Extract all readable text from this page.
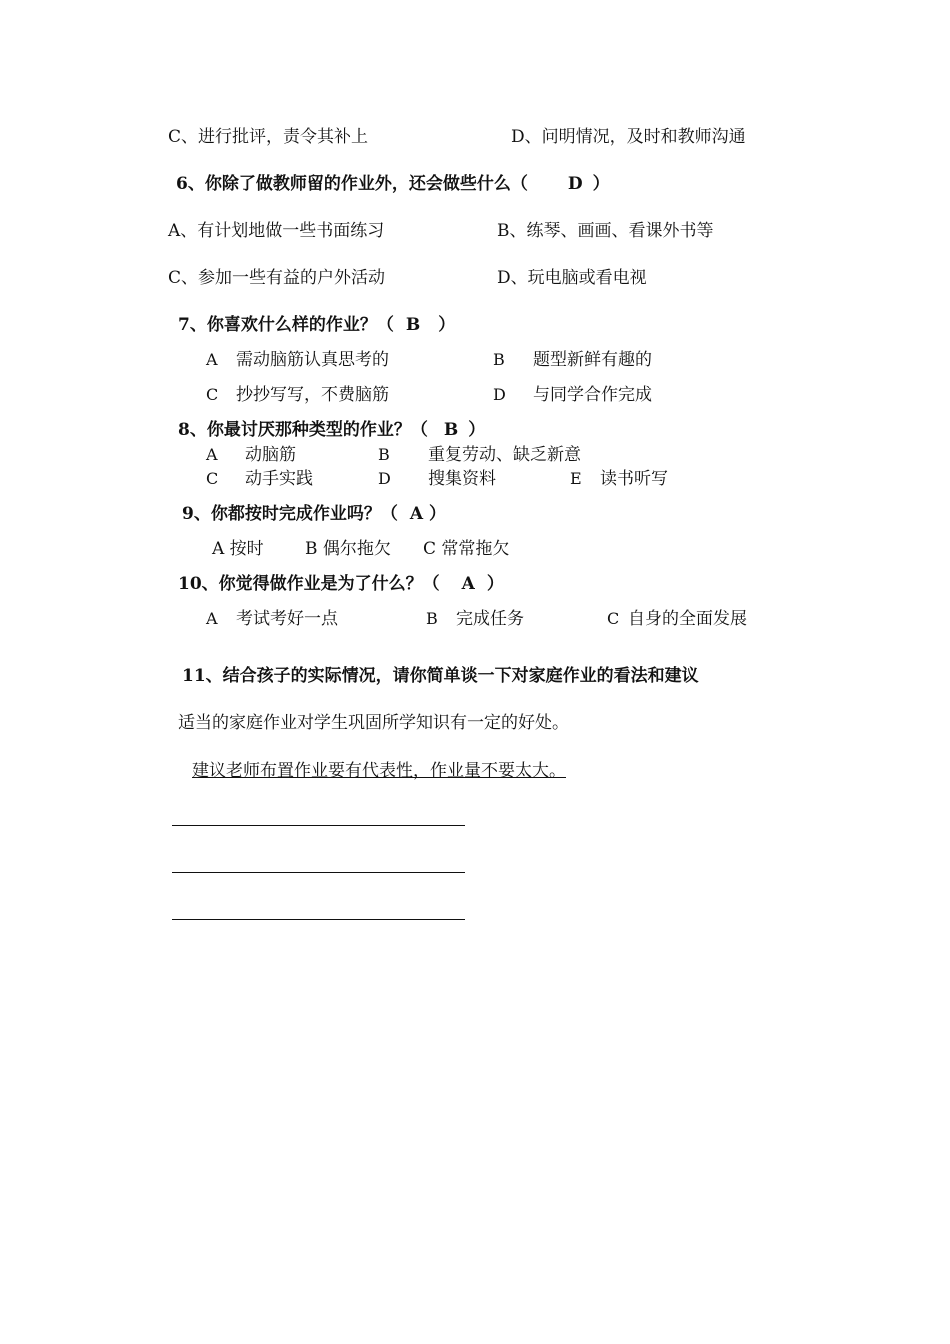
C、进行批评，责令其补上	D、问明情况，及时和教师沟通
6、你除了做教师留的作业外，还会做些什么（ D ）
A、有计划地做一些书面练习	B、练琴、画画、看课外书等
C、参加一些有益的户外活动	D、玩电脑或看电视
7、你喜欢什么样的作业？（ B ）
A 需动脑筋认真思考的	B 题型新鲜有趣的
C 抄抄写写，不费脑筋	D 与同学合作完成
8、你最讨厌那种类型的作业？（ B ）
A 动脑筋	B 重复劳动、缺乏新意
C 动手实践	D 搜集资料	E 读书听写
9、你都按时完成作业吗？（ A ）
A 按时 B 偶尔拖欠 C 常常拖欠
10、你觉得做作业是为了什么？（ A ）
A 考试考好一点	B 完成任务	C 自身的全面发展
11、结合孩子的实际情况，请你简单谈一下对家庭作业的看法和建议
适当的家庭作业对学生巩固所学知识有一定的好处。
建议老师布置作业要有代表性，作业量不要太大。
